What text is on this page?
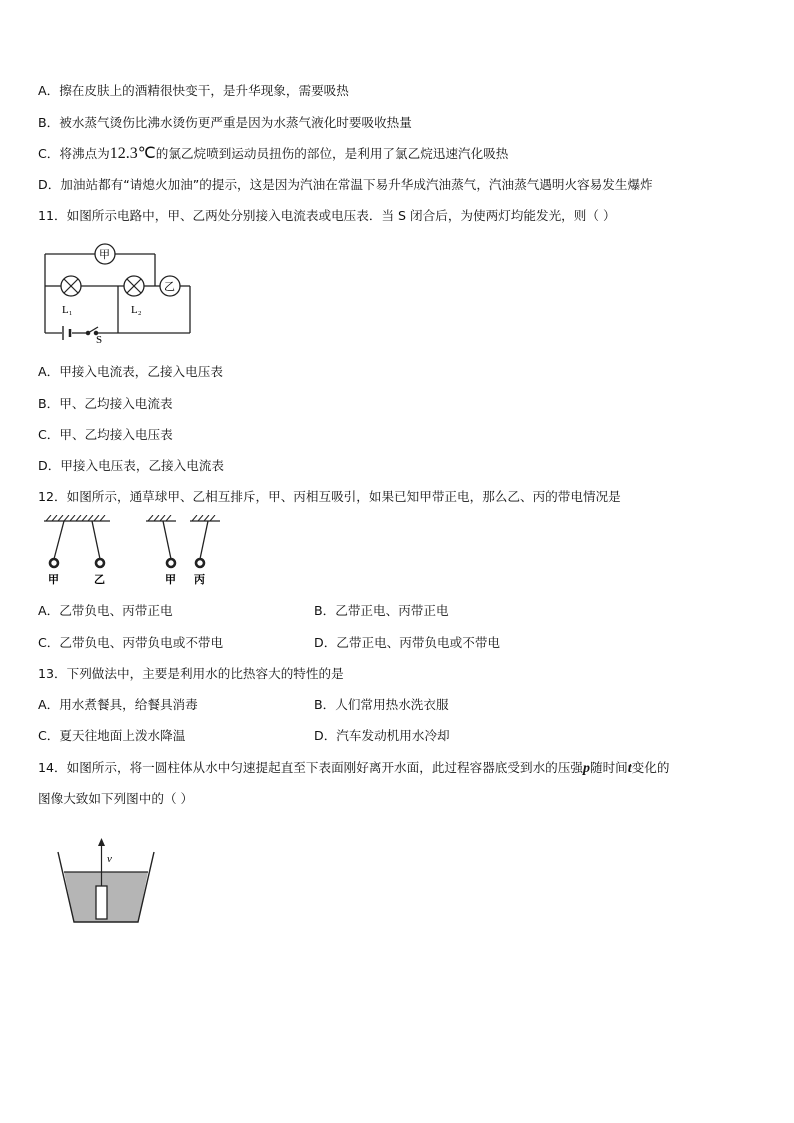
A．擦在皮肤上的酒精很快变干，是升华现象，需要吸热
B．被水蒸气烫伤比沸水烫伤更严重是因为水蒸气液化时要吸收热量
C．将沸点为12.3℃的氯乙烷喷到运动员扭伤的部位，是利用了氯乙烷迅速汽化吸热
D．加油站都有“请熄火加油”的提示，这是因为汽油在常温下易升华成汽油蒸气，汽油蒸气遇明火容易发生爆炸
11．如图所示电路中，甲、乙两处分别接入电流表或电压表．当 S 闭合后，为使两灯均能发光，则（ ）
甲
乙
L₁	L₂
S
A．甲接入电流表，乙接入电压表
B．甲、乙均接入电流表
C．甲、乙均接入电压表
D．甲接入电压表，乙接入电流表
12．如图所示，通草球甲、乙相互排斥，甲、丙相互吸引，如果已知甲带正电，那么乙、丙的带电情况是
甲	乙	甲 丙
A．乙带负电、丙带正电	B．乙带正电、丙带正电
C．乙带负电、丙带负电或不带电	D．乙带正电、丙带负电或不带电
13．下列做法中，主要是利用水的比热容大的特性的是
A．用水煮餐具，给餐具消毒	B．人们常用热水洗衣服
C．夏天往地面上泼水降温	D．汽车发动机用水冷却
14．如图所示，将一圆柱体从水中匀速提起直至下表面刚好离开水面，此过程容器底受到水的压强p随时间t变化的
图像大致如下列图中的（ ）
v
